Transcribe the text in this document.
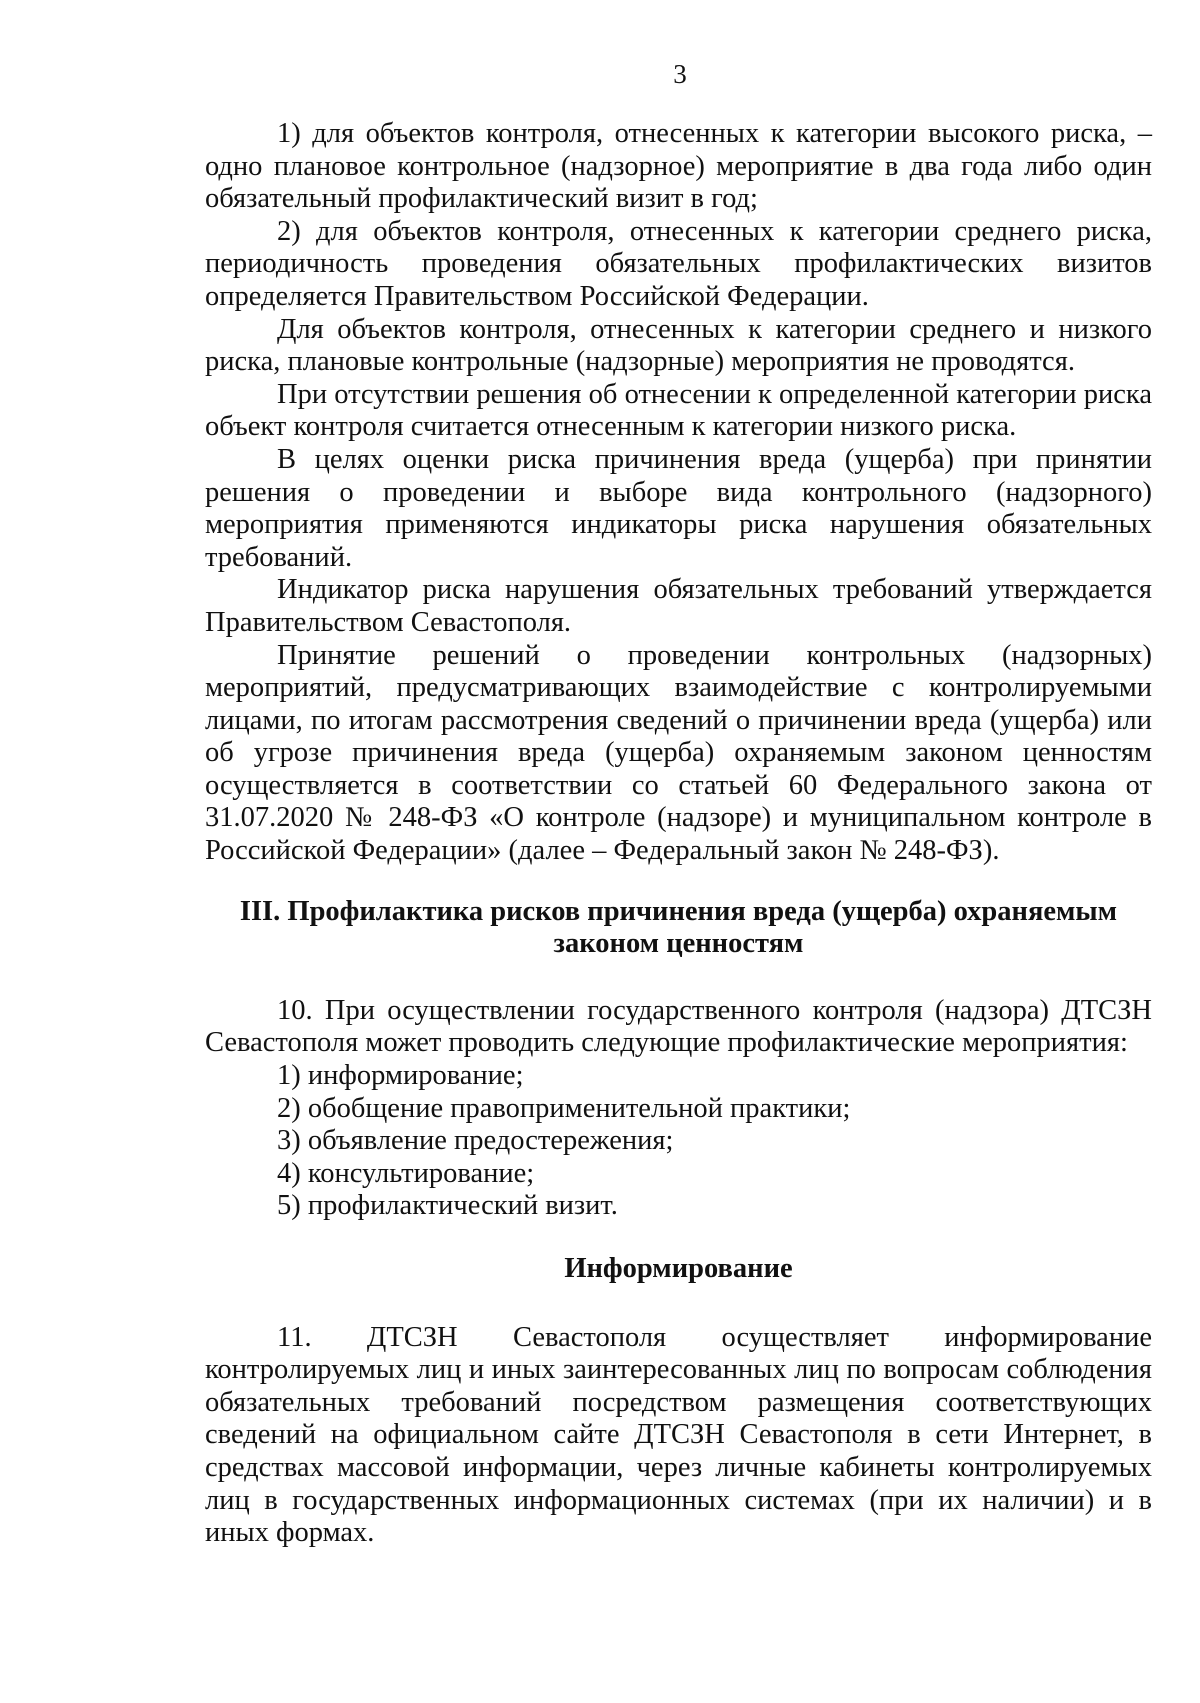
3

1) для объектов контроля, отнесенных к категории высокого риска, – одно плановое контрольное (надзорное) мероприятие в два года либо один обязательный профилактический визит в год;

2) для объектов контроля, отнесенных к категории среднего риска, периодичность проведения обязательных профилактических визитов определяется Правительством Российской Федерации.

Для объектов контроля, отнесенных к категории среднего и низкого риска, плановые контрольные (надзорные) мероприятия не проводятся.

При отсутствии решения об отнесении к определенной категории риска объект контроля считается отнесенным к категории низкого риска.

В целях оценки риска причинения вреда (ущерба) при принятии решения о проведении и выборе вида контрольного (надзорного) мероприятия применяются индикаторы риска нарушения обязательных требований.

Индикатор риска нарушения обязательных требований утверждается Правительством Севастополя.

Принятие решений о проведении контрольных (надзорных) мероприятий, предусматривающих взаимодействие с контролируемыми лицами, по итогам рассмотрения сведений о причинении вреда (ущерба) или об угрозе причинения вреда (ущерба) охраняемым законом ценностям осуществляется в соответствии со статьей 60 Федерального закона от 31.07.2020 № 248-ФЗ «О контроле (надзоре) и муниципальном контроле в Российской Федерации» (далее – Федеральный закон № 248-ФЗ).

III. Профилактика рисков причинения вреда (ущерба) охраняемым
законом ценностям

10. При осуществлении государственного контроля (надзора) ДТСЗН Севастополя может проводить следующие профилактические мероприятия:

1) информирование;

2) обобщение правоприменительной практики;

3) объявление предостережения;

4) консультирование;

5) профилактический визит.

Информирование

11. ДТСЗН Севастополя осуществляет информирование контролируемых лиц и иных заинтересованных лиц по вопросам соблюдения обязательных требований посредством размещения соответствующих сведений на официальном сайте ДТСЗН Севастополя в сети Интернет, в средствах массовой информации, через личные кабинеты контролируемых лиц в государственных информационных системах (при их наличии) и в иных формах.
